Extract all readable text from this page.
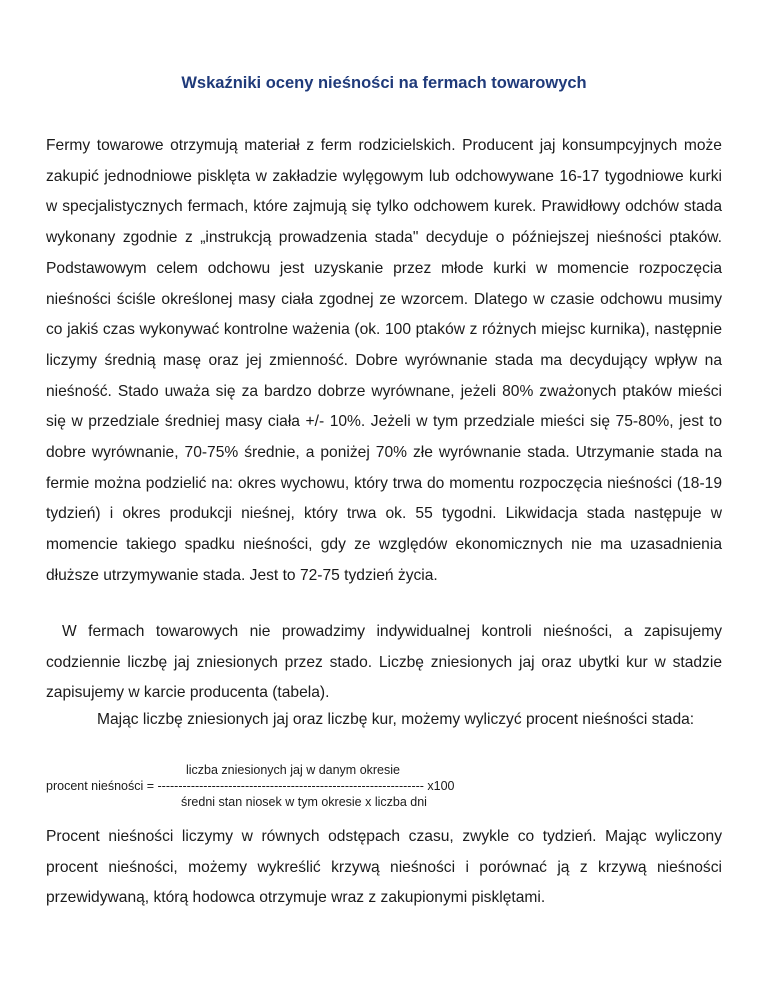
Wskaźniki oceny nieśności na fermach towarowych

Fermy towarowe otrzymują materiał z ferm rodzicielskich. Producent jaj konsumpcyjnych może zakupić jednodniowe pisklęta w zakładzie wylęgowym lub odchowywane 16-17 tygodniowe kurki w specjalistycznych fermach, które zajmują się tylko odchowem kurek. Prawidłowy odchów stada wykonany zgodnie z „instrukcją prowadzenia stada" decyduje o późniejszej nieśności ptaków. Podstawowym celem odchowu jest uzyskanie przez młode kurki w momencie rozpoczęcia nieśności ściśle określonej masy ciała zgodnej ze wzorcem. Dlatego w czasie odchowu musimy co jakiś czas wykonywać kontrolne ważenia (ok. 100 ptaków z różnych miejsc kurnika), następnie liczymy średnią masę oraz jej zmienność. Dobre wyrównanie stada ma decydujący wpływ na nieśność. Stado uważa się za bardzo dobrze wyrównane, jeżeli 80% zważonych ptaków mieści się w przedziale średniej masy ciała +/- 10%. Jeżeli w tym przedziale mieści się 75-80%, jest to dobre wyrównanie, 70-75% średnie, a poniżej 70% złe wyrównanie stada. Utrzymanie stada na fermie można podzielić na: okres wychowu, który trwa do momentu rozpoczęcia nieśności (18-19 tydzień) i okres produkcji nieśnej, który trwa ok. 55 tygodni. Likwidacja stada następuje w momencie takiego spadku nieśności, gdy ze względów ekonomicznych nie ma uzasadnienia dłuższe utrzymywanie stada. Jest to 72-75 tydzień życia.

W fermach towarowych nie prowadzimy indywidualnej kontroli nieśności, a zapisujemy codziennie liczbę jaj zniesionych przez stado. Liczbę zniesionych jaj oraz ubytki kur w stadzie zapisujemy w karcie producenta (tabela).

Mając liczbę zniesionych jaj oraz liczbę kur, możemy wyliczyć procent nieśności stada:

liczba zniesionych jaj w danym okresie
procent nieśności = ---------------------------------------------------------------- x100
średni stan niosek w tym okresie x liczba dni

Procent nieśności liczymy w równych odstępach czasu, zwykle co tydzień. Mając wyliczony procent nieśności, możemy wykreślić krzywą nieśności i porównać ją z krzywą nieśności przewidywaną, którą hodowca otrzymuje wraz z zakupionymi pisklętami.
